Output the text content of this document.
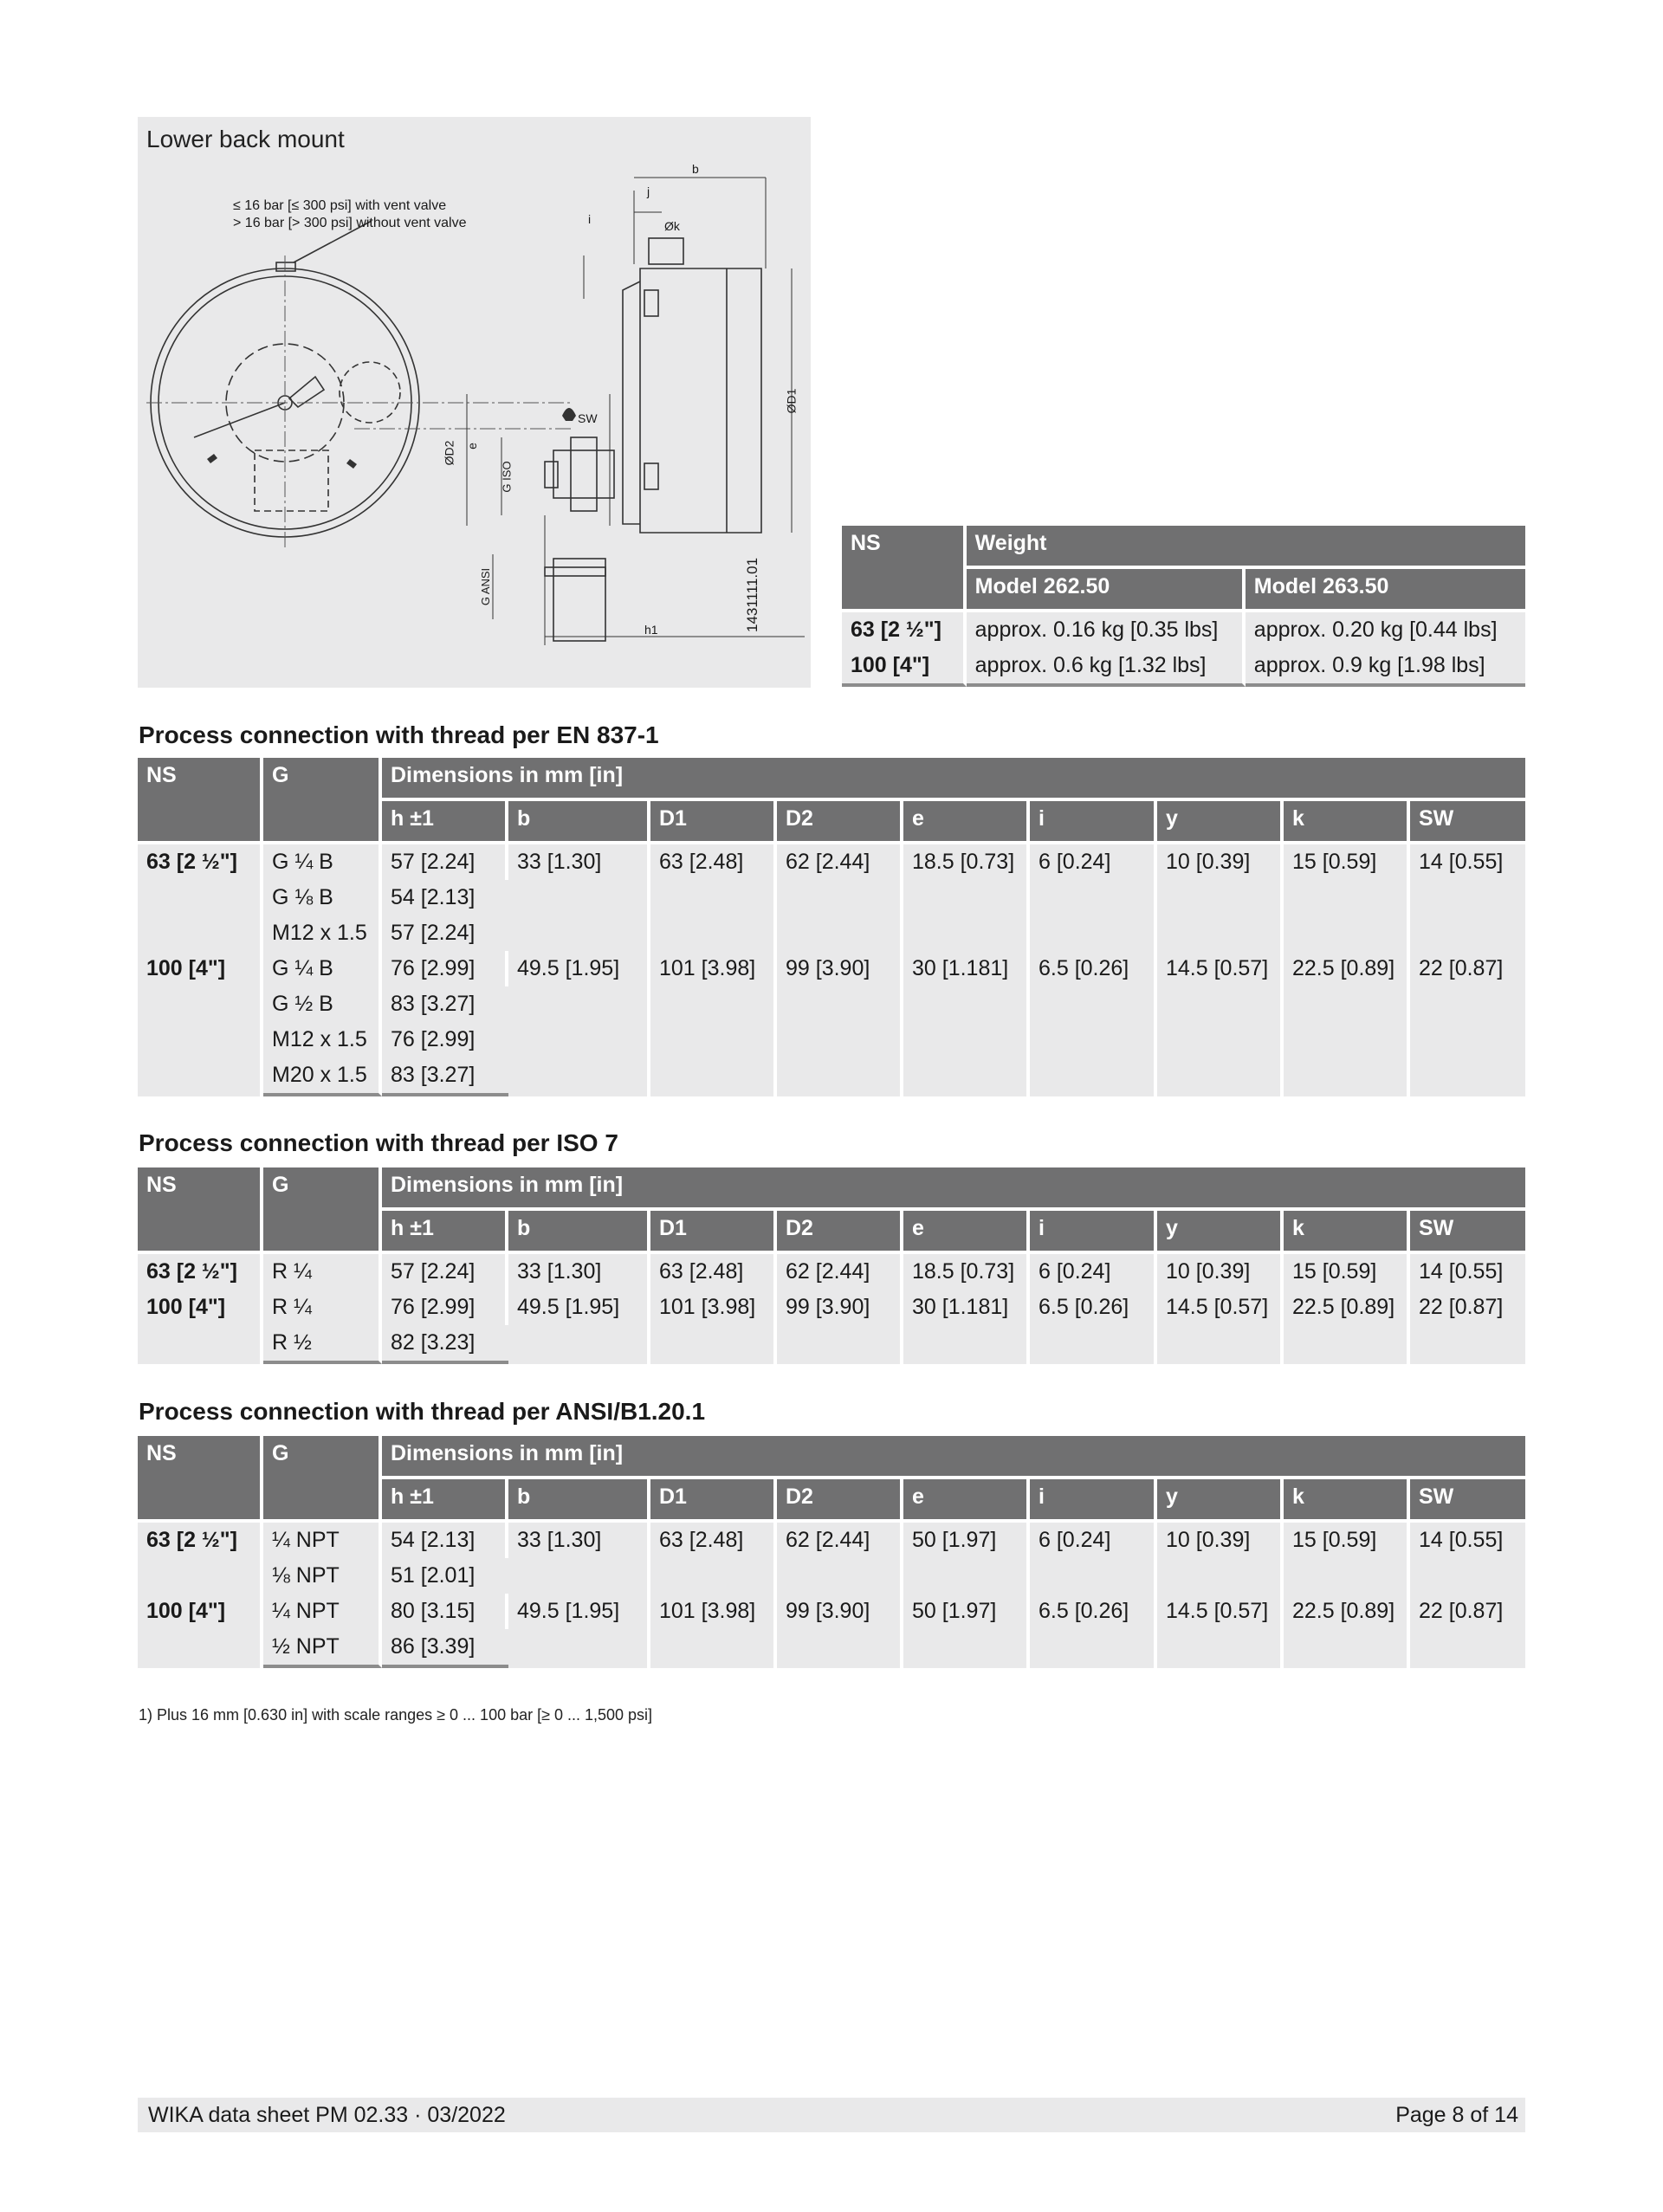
Lower back mount
≤ 16 bar [≤ 300 psi] with vent valve
> 16 bar [> 300 psi] without vent valve
b
j
i	Øk
SW
ØD1
ØD2 e
G ISO
G ANSI
h1	1431111.01
NS	Weight	
	Model 262.50	Model 263.50
63 [2 ½"]	approx. 0.16 kg [0.35 lbs]	approx. 0.20 kg [0.44 lbs]
100 [4"]	approx. 0.6 kg [1.32 lbs]	approx. 0.9 kg [1.98 lbs]
Process connection with thread per EN 837-1
NS	G	Dimensions in mm [in]								
		h ±1	b	D1	D2	e	i	y	k	SW
63 [2 ½"]	G ¼ B	57 [2.24]	33 [1.30]	63 [2.48]	62 [2.44]	18.5 [0.73]	6 [0.24]	10 [0.39]	15 [0.59]	14 [0.55]
	G ⅛ B	54 [2.13]								
	M12 x 1.5	57 [2.24]								
100 [4"]	G ¼ B	76 [2.99]	49.5 [1.95]	101 [3.98]	99 [3.90]	30 [1.181]	6.5 [0.26]	14.5 [0.57]	22.5 [0.89]	22 [0.87]
	G ½ B	83 [3.27]								
	M12 x 1.5	76 [2.99]								
	M20 x 1.5	83 [3.27]								
Process connection with thread per ISO 7
NS	G	Dimensions in mm [in]								
		h ±1	b	D1	D2	e	i	y	k	SW
63 [2 ½"]	R ¼	57 [2.24]	33 [1.30]	63 [2.48]	62 [2.44]	18.5 [0.73]	6 [0.24]	10 [0.39]	15 [0.59]	14 [0.55]
100 [4"]	R ¼	76 [2.99]	49.5 [1.95]	101 [3.98]	99 [3.90]	30 [1.181]	6.5 [0.26]	14.5 [0.57]	22.5 [0.89]	22 [0.87]
	R ½	82 [3.23]								
Process connection with thread per ANSI/B1.20.1
NS	G	Dimensions in mm [in]								
		h ±1	b	D1	D2	e	i	y	k	SW
63 [2 ½"]	¼ NPT	54 [2.13]	33 [1.30]	63 [2.48]	62 [2.44]	50 [1.97]	6 [0.24]	10 [0.39]	15 [0.59]	14 [0.55]
	⅛ NPT	51 [2.01]								
100 [4"]	¼ NPT	80 [3.15]	49.5 [1.95]	101 [3.98]	99 [3.90]	50 [1.97]	6.5 [0.26]	14.5 [0.57]	22.5 [0.89]	22 [0.87]
	½ NPT	86 [3.39]								
1) Plus 16 mm [0.630 in] with scale ranges ≥ 0 ... 100 bar [≥ 0 ... 1,500 psi]
WIKA data sheet PM 02.33 · 03/2022	Page 8 of 14
